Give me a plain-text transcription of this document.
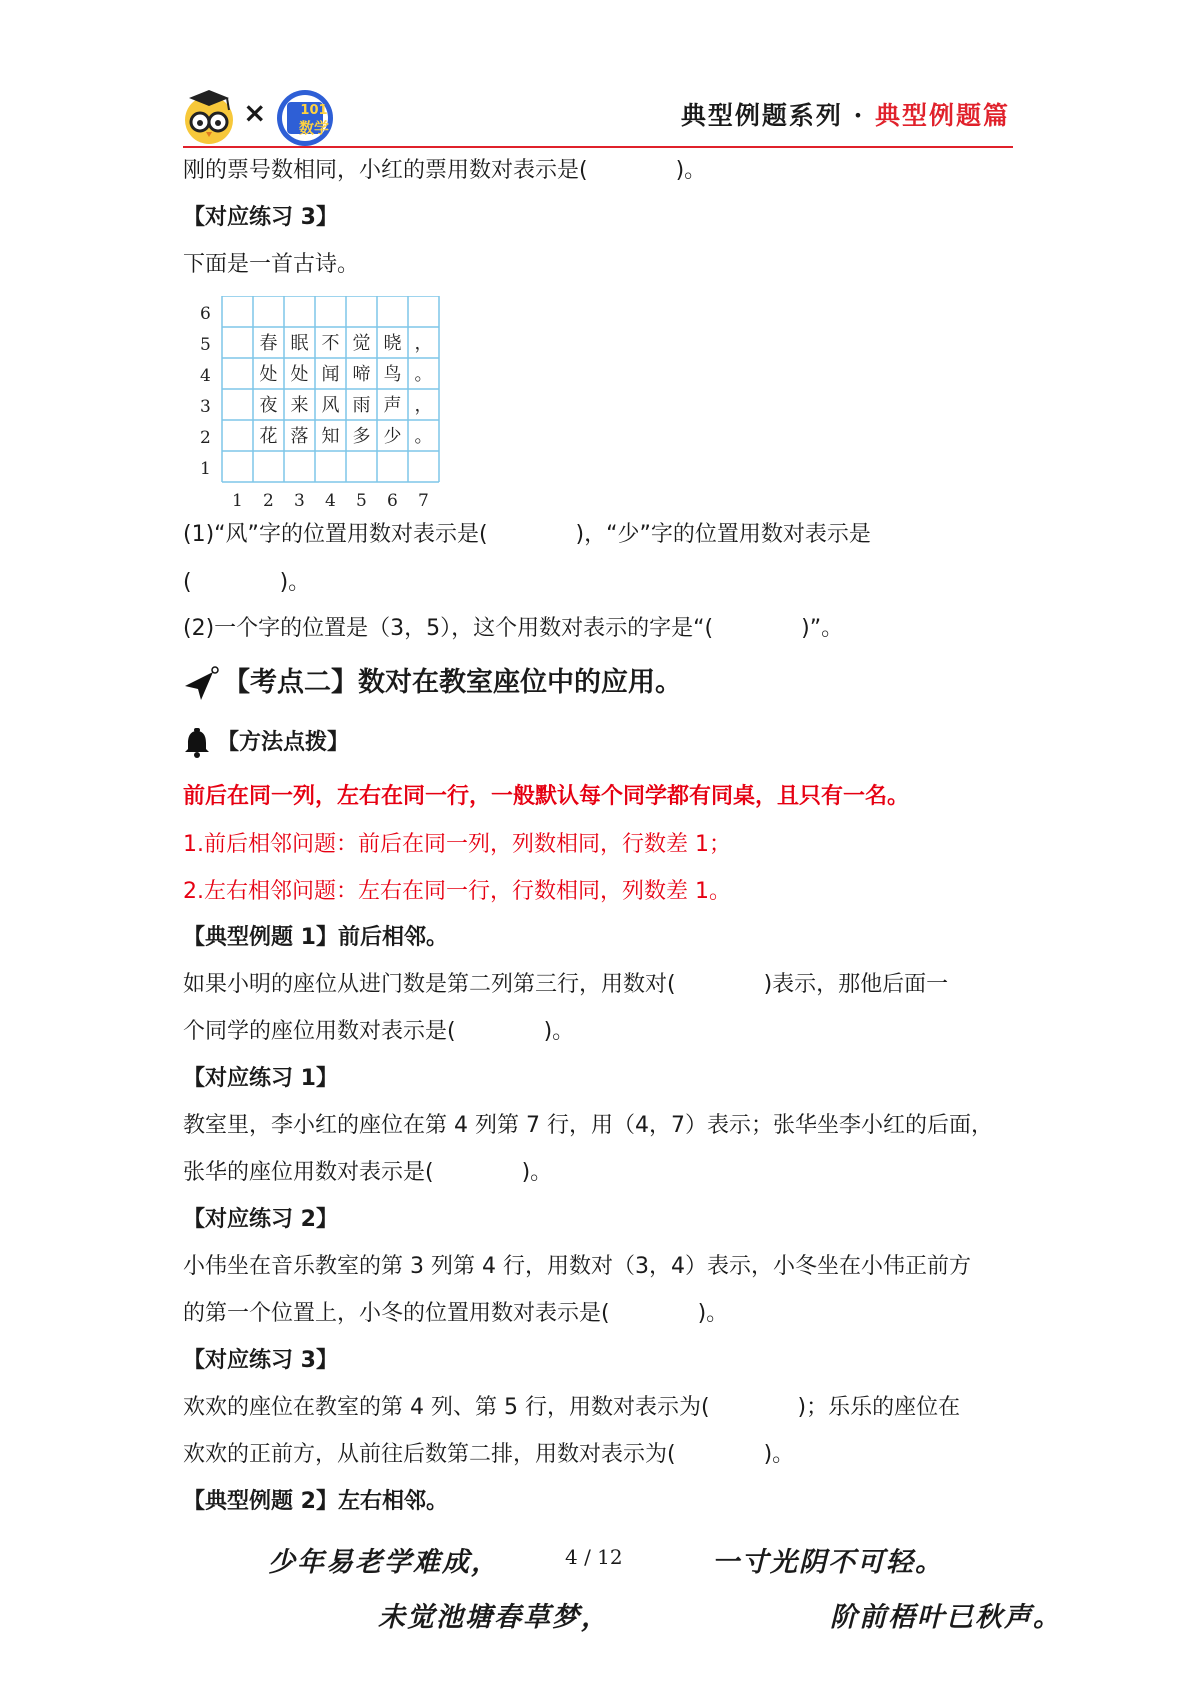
×	101
数学	典型例题系列 · 典型例题篇
刚的票号数相同，小红的票用数对表示是(　　　　)。
【对应练习 3】
下面是一首古诗。
6
5
4
3
2
1
1 2 3 4 5 6 7
春 眠 不 觉 晓 ，
处 处 闻 啼 鸟 。
夜 来 风 雨 声 ，
花 落 知 多 少 。
(1)“风”字的位置用数对表示是(　　　　)，“少”字的位置用数对表示是
(　　　　)。
(2)一个字的位置是（3，5），这个用数对表示的字是“(　　　　)”。
【考点二】数对在教室座位中的应用。
【方法点拨】
前后在同一列，左右在同一行，一般默认每个同学都有同桌，且只有一名。
1.前后相邻问题：前后在同一列，列数相同，行数差 1；
2.左右相邻问题：左右在同一行，行数相同，列数差 1。
【典型例题 1】前后相邻。
如果小明的座位从进门数是第二列第三行，用数对(　　　　)表示，那他后面一
个同学的座位用数对表示是(　　　　)。
【对应练习 1】
教室里，李小红的座位在第 4 列第 7 行，用（4，7）表示；张华坐李小红的后面，
张华的座位用数对表示是(　　　　)。
【对应练习 2】
小伟坐在音乐教室的第 3 列第 4 行，用数对（3，4）表示，小冬坐在小伟正前方
的第一个位置上，小冬的位置用数对表示是(　　　　)。
【对应练习 3】
欢欢的座位在教室的第 4 列、第 5 行，用数对表示为(　　　　)；乐乐的座位在
欢欢的正前方，从前往后数第二排，用数对表示为(　　　　)。
【典型例题 2】左右相邻。
少年易老学难成，	4 / 12	一寸光阴不可轻。
未觉池塘春草梦，	阶前梧叶已秋声。
